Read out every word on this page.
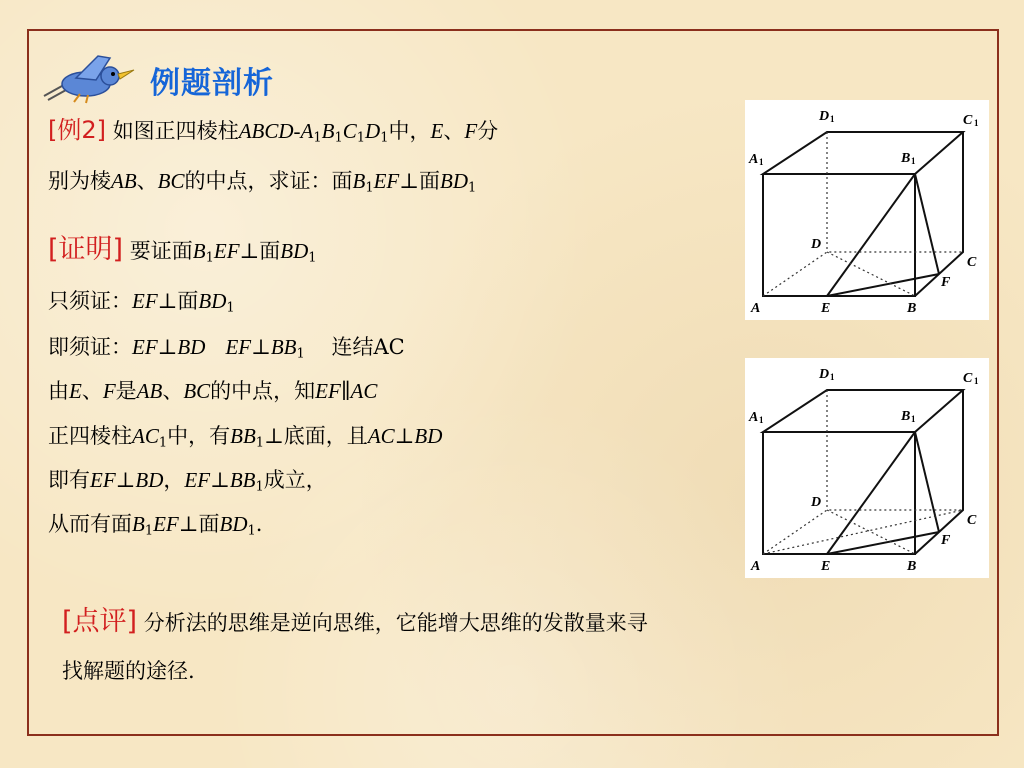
例题剖析
[例2] 如图正四棱柱ABCD-$A_1B_1C_1D_1$中，E、F分
别为棱AB、BC的中点，求证：面$B_1EF\perp$面$BD_1$
[证明] 要证面$B_1EF\perp$面$BD_1$
只须证：EF⊥面$BD_1$
即须证：EF⊥BD $EF\perp BB_1$ 连结AC
由E、F是AB、BC的中点，知EF∥AC
正四棱柱$AC_1$中，有$BB_1\perp$底面，且AC⊥BD
即有EF⊥BD，$EF\perp BB_1$成立，
从而有面$B_1EF\perp$面$BD_1$.
[点评] 分析法的思维是逆向思维，它能增大思维的发散量来寻
找解题的途径.
D 1	C 1
A 1	B 1
D
C
A	E	B
F
D 1	C 1
A 1	B 1
D
C
A	E	B
F
